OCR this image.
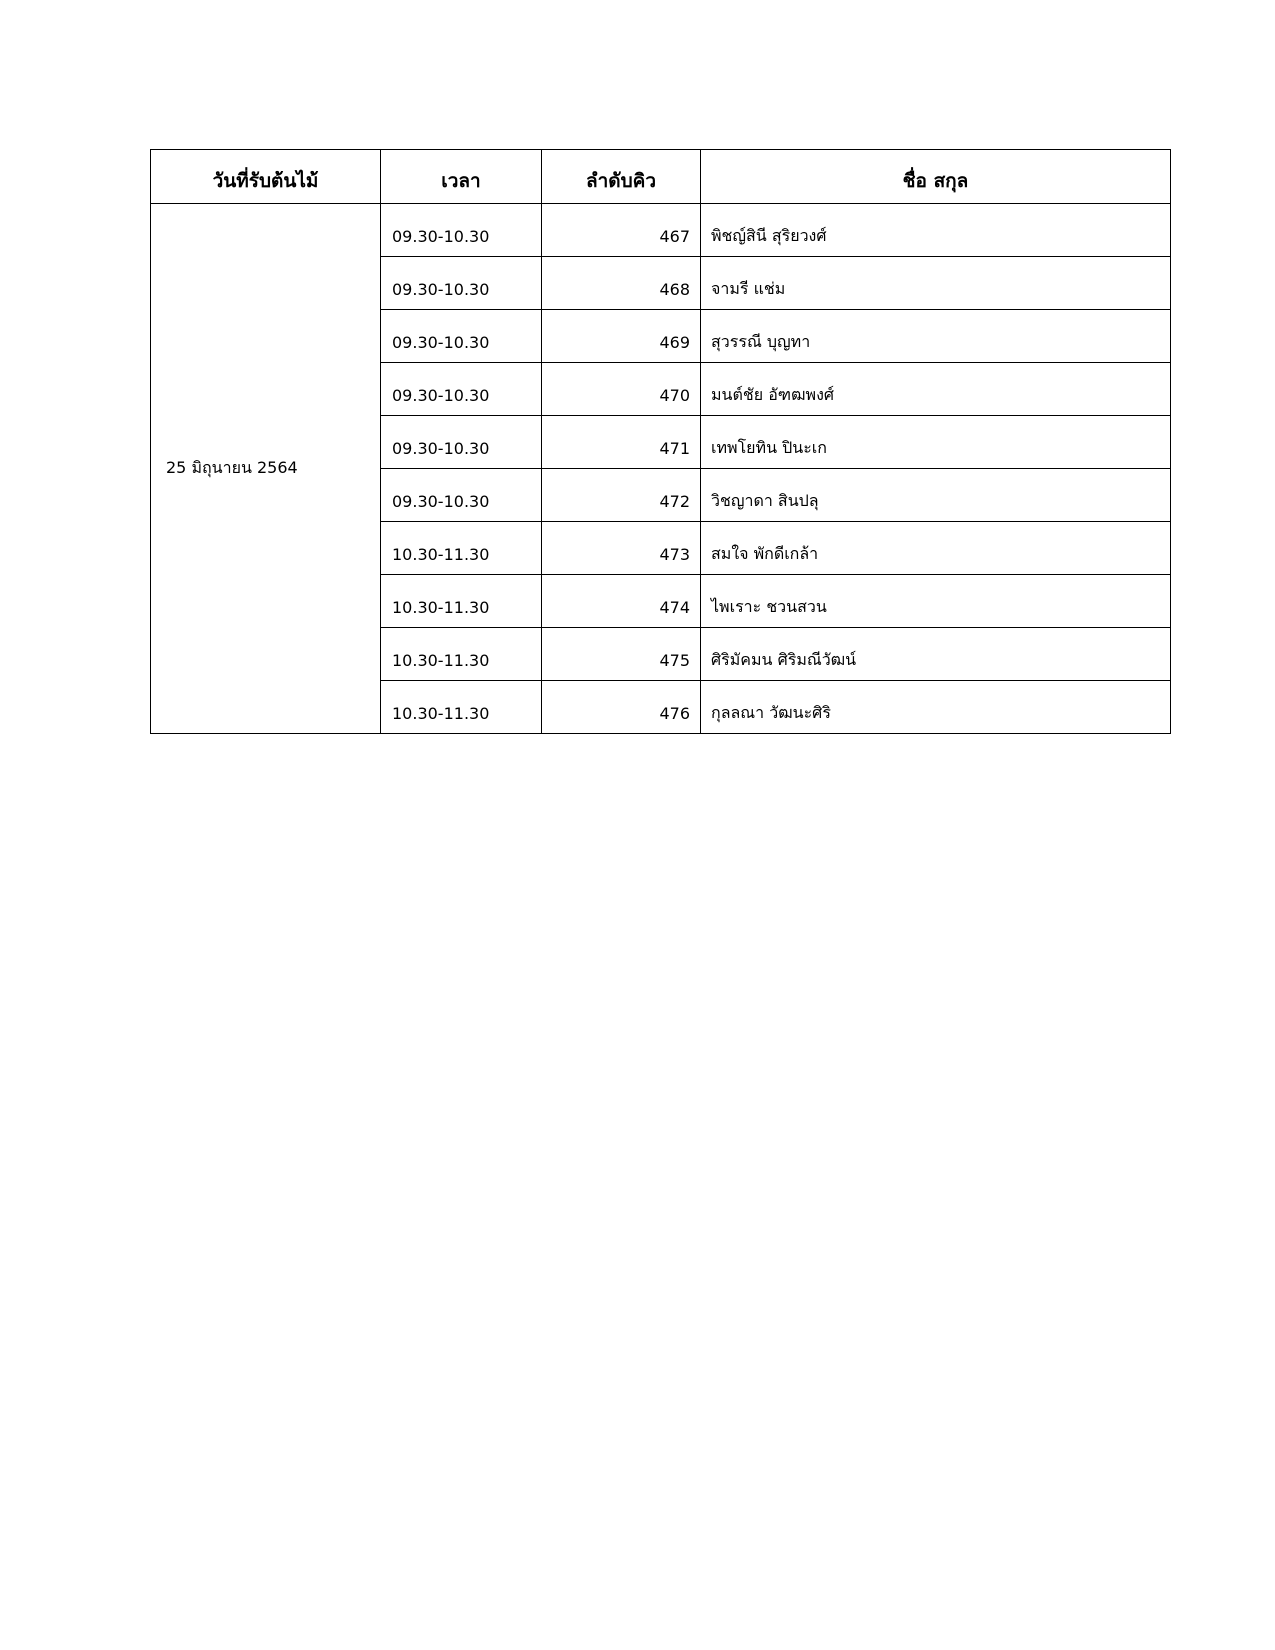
วันที่รับต้นไม้	เวลา	ลำดับคิว	ชื่อ สกุล
25 มิถุนายน 2564	09.30-10.30	467	พิชญ์สินี สุริยวงศ์
	09.30-10.30	468	จามรี แช่ม
	09.30-10.30	469	สุวรรณี บุญทา
	09.30-10.30	470	มนต์ชัย อัฑฒพงศ์
	09.30-10.30	471	เทพโยทิน ปินะเก
	09.30-10.30	472	วิชญาดา สินปลุ
	10.30-11.30	473	สมใจ พักดีเกล้า
	10.30-11.30	474	ไพเราะ ชวนสวน
	10.30-11.30	475	ศิริมัคมน ศิริมณีวัฒน์
	10.30-11.30	476	กุลลณา วัฒนะศิริ
